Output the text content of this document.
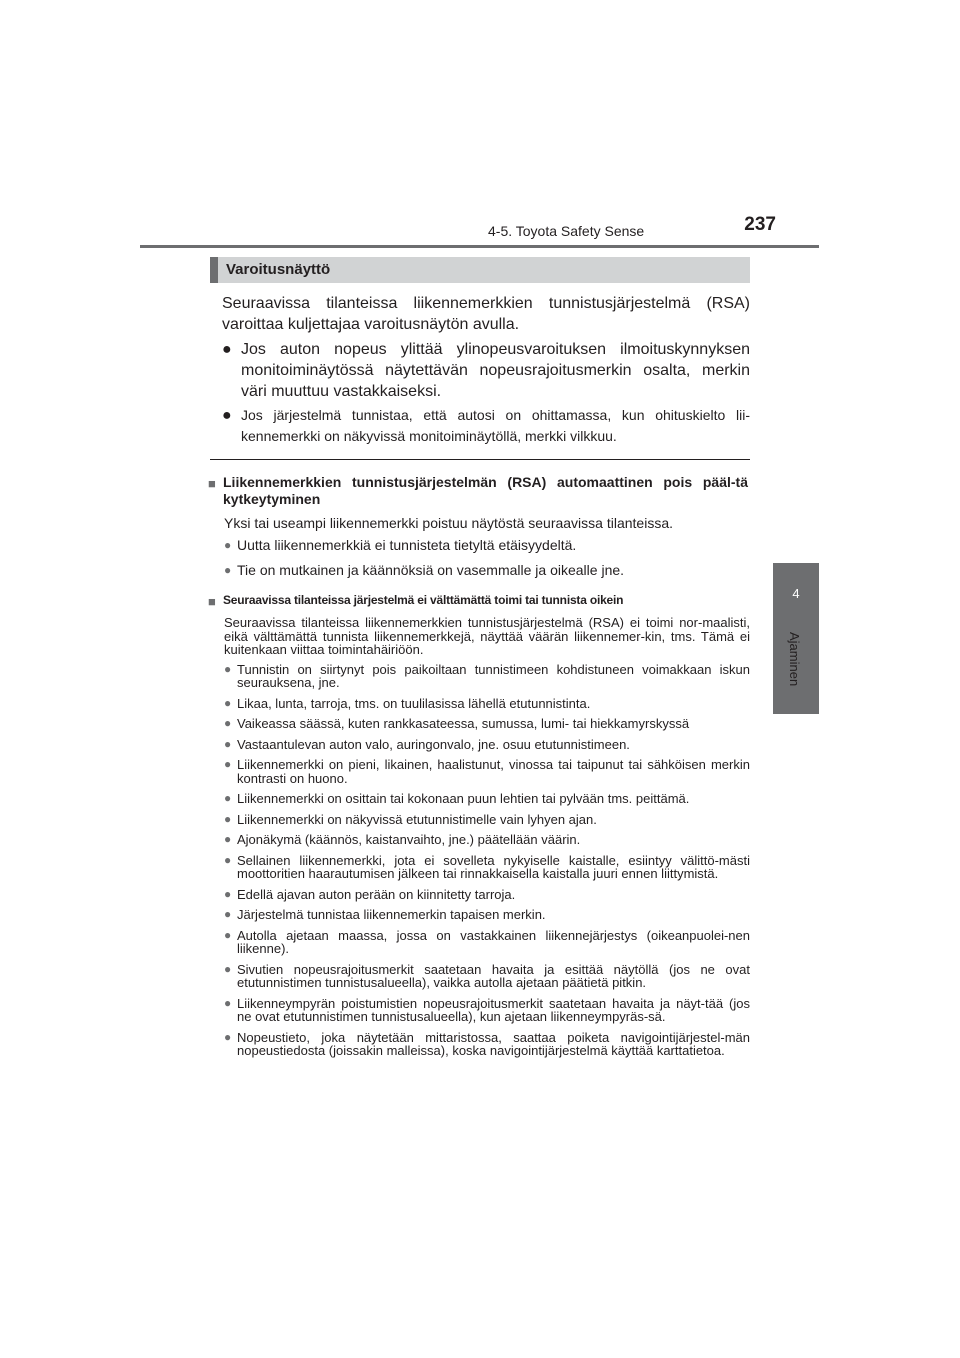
4-5. Toyota Safety Sense	237
4
Ajaminen
Varoitusnäyttö
Seuraavissa tilanteissa liikennemerkkien tunnistusjärjestelmä (RSA) varoittaa kuljettajaa varoitusnäytön avulla.
● Jos auton nopeus ylittää ylinopeusvaroituksen ilmoituskynnyksen monitoiminäytössä näytettävän nopeusrajoitusmerkin osalta, merkin väri muuttuu vastakkaiseksi.
● Jos järjestelmä tunnistaa, että autosi on ohittamassa, kun ohituskielto lii-kennemerkki on näkyvissä monitoiminäytöllä, merkki vilkkuu.
■ Liikennemerkkien tunnistusjärjestelmän (RSA) automaattinen pois pääl-tä kytkeytyminen
Yksi tai useampi liikennemerkki poistuu näytöstä seuraavissa tilanteissa.
● Uutta liikennemerkkiä ei tunnisteta tietyltä etäisyydeltä.
● Tie on mutkainen ja käännöksiä on vasemmalle ja oikealle jne.
■ Seuraavissa tilanteissa järjestelmä ei välttämättä toimi tai tunnista oikein
Seuraavissa tilanteissa liikennemerkkien tunnistusjärjestelmä (RSA) ei toimi nor-maalisti, eikä välttämättä tunnista liikennemerkkejä, näyttää väärän liikennemer-kin, tms. Tämä ei kuitenkaan viittaa toimintahäiriöön.
● Tunnistin on siirtynyt pois paikoiltaan tunnistimeen kohdistuneen voimakkaan iskun seurauksena, jne.
● Likaa, lunta, tarroja, tms. on tuulilasissa lähellä etutunnistinta.
● Vaikeassa säässä, kuten rankkasateessa, sumussa, lumi- tai hiekkamyrskyssä
● Vastaantulevan auton valo, auringonvalo, jne. osuu etutunnistimeen.
● Liikennemerkki on pieni, likainen, haalistunut, vinossa tai taipunut tai sähköisen merkin kontrasti on huono.
● Liikennemerkki on osittain tai kokonaan puun lehtien tai pylvään tms. peittämä.
● Liikennemerkki on näkyvissä etutunnistimelle vain lyhyen ajan.
● Ajonäkymä (käännös, kaistanvaihto, jne.) päätellään väärin.
● Sellainen liikennemerkki, jota ei sovelleta nykyiselle kaistalle, esiintyy välittö-mästi moottoritien haarautumisen jälkeen tai rinnakkaisella kaistalla juuri ennen liittymistä.
● Edellä ajavan auton perään on kiinnitetty tarroja.
● Järjestelmä tunnistaa liikennemerkin tapaisen merkin.
● Autolla ajetaan maassa, jossa on vastakkainen liikennejärjestys (oikeanpuolei-nen liikenne).
● Sivutien nopeusrajoitusmerkit saatetaan havaita ja esittää näytöllä (jos ne ovat etutunnistimen tunnistusalueella), vaikka autolla ajetaan päätietä pitkin.
● Liikenneympyrän poistumistien nopeusrajoitusmerkit saatetaan havaita ja näyt-tää (jos ne ovat etutunnistimen tunnistusalueella), kun ajetaan liikenneympyräs-sä.
● Nopeustieto, joka näytetään mittaristossa, saattaa poiketa navigointijärjestel-män nopeustiedosta (joissakin malleissa), koska navigointijärjestelmä käyttää karttatietoa.
